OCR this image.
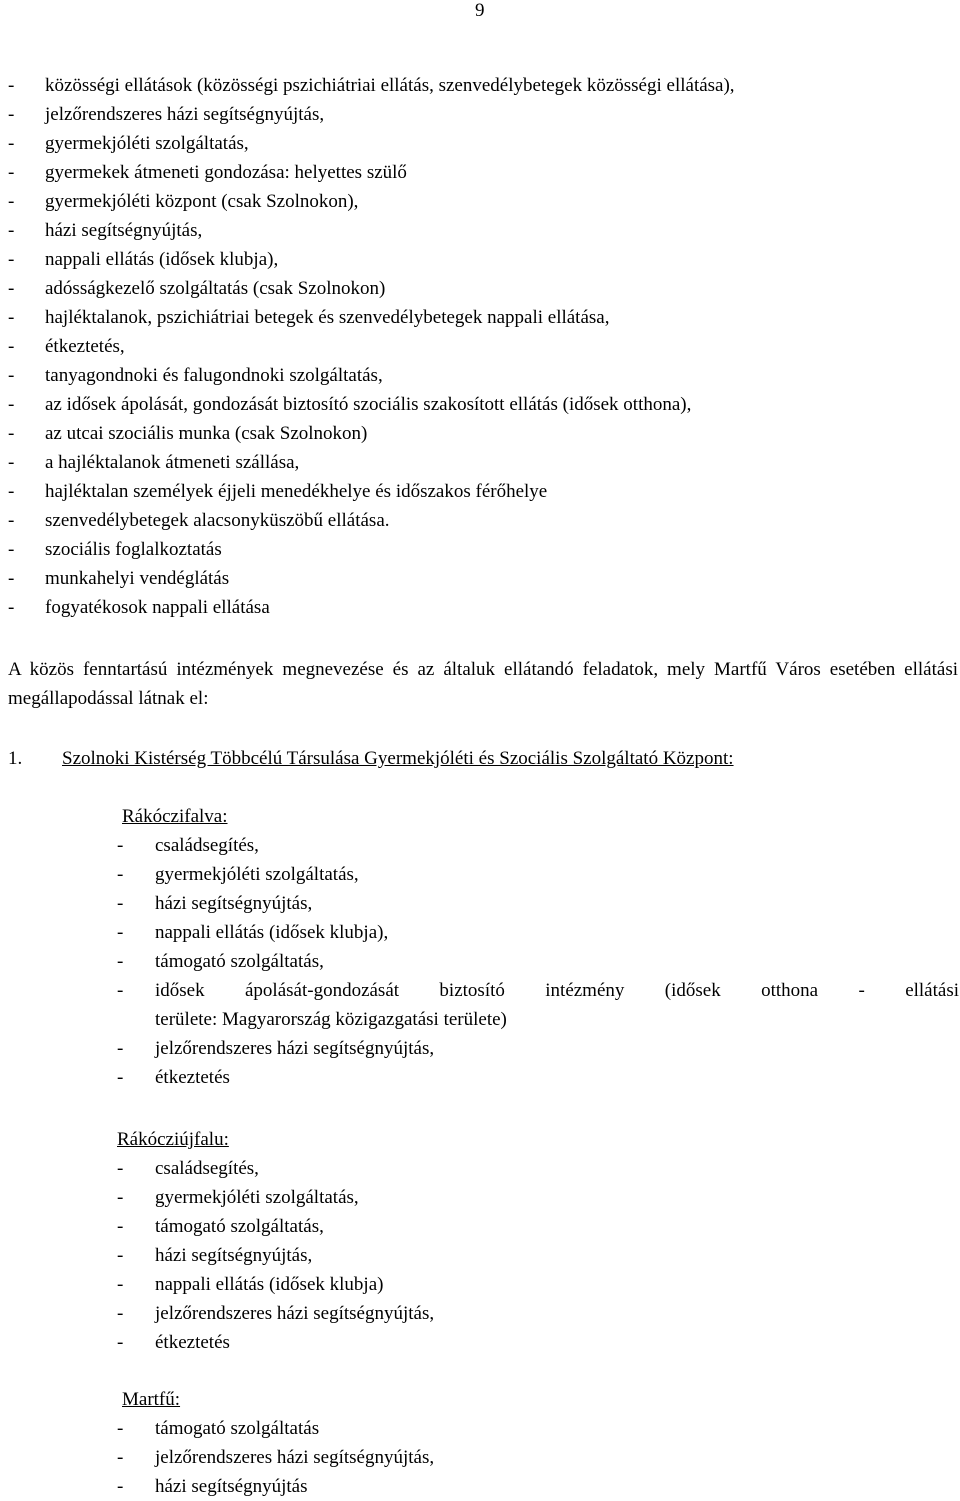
9
- közösségi ellátások (közösségi pszichiátriai ellátás, szenvedélybetegek közösségi ellátása),
- jelzőrendszeres házi segítségnyújtás,
- gyermekjóléti szolgáltatás,
- gyermekek átmeneti gondozása: helyettes szülő
- gyermekjóléti központ (csak Szolnokon),
- házi segítségnyújtás,
- nappali ellátás (idősek klubja),
- adósságkezelő szolgáltatás (csak Szolnokon)
- hajléktalanok, pszichiátriai betegek és szenvedélybetegek nappali ellátása,
- étkeztetés,
- tanyagondnoki és falugondnoki szolgáltatás,
- az idősek ápolását, gondozását biztosító szociális szakosított ellátás (idősek otthona),
- az utcai szociális munka (csak Szolnokon)
- a hajléktalanok átmeneti szállása,
- hajléktalan személyek éjjeli menedékhelye és időszakos férőhelye
- szenvedélybetegek alacsonyküszöbű ellátása.
- szociális foglalkoztatás
- munkahelyi vendéglátás
- fogyatékosok nappali ellátása
A közös fenntartású intézmények megnevezése és az általuk ellátandó feladatok, mely Martfű Város esetében ellátási megállapodással látnak el:
1. Szolnoki Kistérség Többcélú Társulása Gyermekjóléti és Szociális Szolgáltató Központ:
Rákóczifalva:
- családsegítés,
- gyermekjóléti szolgáltatás,
- házi segítségnyújtás,
- nappali ellátás (idősek klubja),
- támogató szolgáltatás,
- idősek ápolását-gondozását biztosító intézmény (idősek otthona - ellátási
területe: Magyarország közigazgatási területe)
- jelzőrendszeres házi segítségnyújtás,
- étkeztetés
Rákócziújfalu:
- családsegítés,
- gyermekjóléti szolgáltatás,
- támogató szolgáltatás,
- házi segítségnyújtás,
- nappali ellátás (idősek klubja)
- jelzőrendszeres házi segítségnyújtás,
- étkeztetés
Martfű:
- támogató szolgáltatás
- jelzőrendszeres házi segítségnyújtás,
- házi segítségnyújtás
